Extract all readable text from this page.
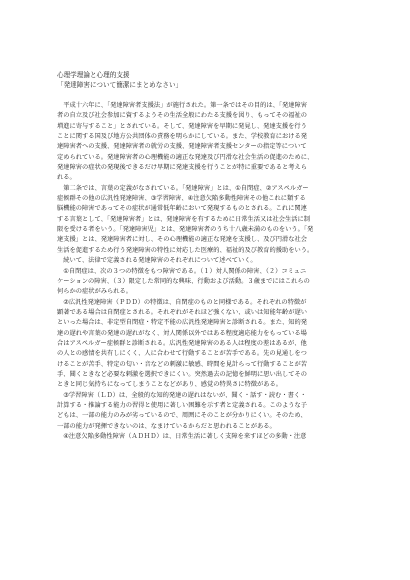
心理学理論と心理的支援

「発達障害について簡潔にまとめなさい」

　平成十六年に、「発達障害者支援法」が施行された。第一条ではその目的は、「発達障害

者の自立及び社会参加に資するようその生活全般にわたる支援を図り、もってその福祉の

増進に寄与すること」とされている。そして、発達障害を早期に発見し、発達支援を行う

ことに関する国及び地方公共団体の責務を明らかにしている。また、学校教育における発

達障害者への支援、発達障害者の就労の支援、発達障害者支援センターの指定等について

定められている。発達障害者の心理機能の適正な発達及び円滑な社会生活の促進のために、

発達障害の症状の発現後できるだけ早期に発達支援を行うことが特に重要であると考えら

れる。

　第二条では、言葉の定義がなされている。「発達障害」とは、①自閉症、②アスペルガー

症候群その他の広汎性発達障害、③学習障害、④注意欠陥多動性障害その他これに類する

脳機能の障害であってその症状が通常低年齢において発現するものとされる。これに関連

する言葉として、「発達障害者」とは、発達障害を有するために日常生活又は社会生活に制

限を受ける者をいう。「発達障害児」とは、発達障害者のうち十八歳未満のものをいう。「発

達支援」とは、発達障害者に対し、その心理機能の適正な発達を支援し、及び円滑な社会

生活を促進するため行う発達障害の特性に対応した医療的、福祉的及び教育的援助をいう。

　続いて、法律で定義される発達障害のそれぞれについて述べていく。

　①自閉症は、次の３つの特徴をもつ障害である。（１）対人関係の障害、（２）コミュニ

ケーションの障害、（３）限定した常同的な興味、行動および活動。３歳までにはこれらの

何らかの症状がみられる。

　②広汎性発達障害（ＰＤＤ）の特徴は、自閉症のものと同様である。それぞれの特徴が

顕著である場合は自閉症とされる。それぞれがそれほど強くない、或いは知能年齢が遅い

といった場合は、非定型自閉症・特定不能の広汎性発達障害と診断される。また、知的発

達の遅れや言葉の発達の遅れがなく、対人関係以外ではある程度適応能力をもっている場

合はアスペルガー症候群と診断される。広汎性発達障害のある人は程度の差はあるが、他

の人との感情を共有しにくく、人に合わせて行動することが苦手である。先の見通しをつ

けることが苦手、特定の匂い・音などの刺激に敏感、時間を見計らって行動することが苦

手、聞くときなど必要な刺激を選択できにくい。突然過去の記憶を鮮明に思い出してその

ときと同じ気持ちになってしまうことなどがあり、感覚の特異さに特徴がある。

　③学習障害（ＬＤ）は、全般的な知的発達の遅れはないが、聞く・話す・読む・書く・

計算する・推論する能力の習得と使用に著しい困難を示す者と定義される。このような子

どもは、一部の能力のみが劣っているので、周囲にそのことが分かりにくい。そのため、

一部の能力が発揮できないのは、なまけているからだと思われることがある。

　④注意欠陥多動性障害（ＡＤＨＤ）は、日常生活に著しく支障を来すほどの多動・注意
